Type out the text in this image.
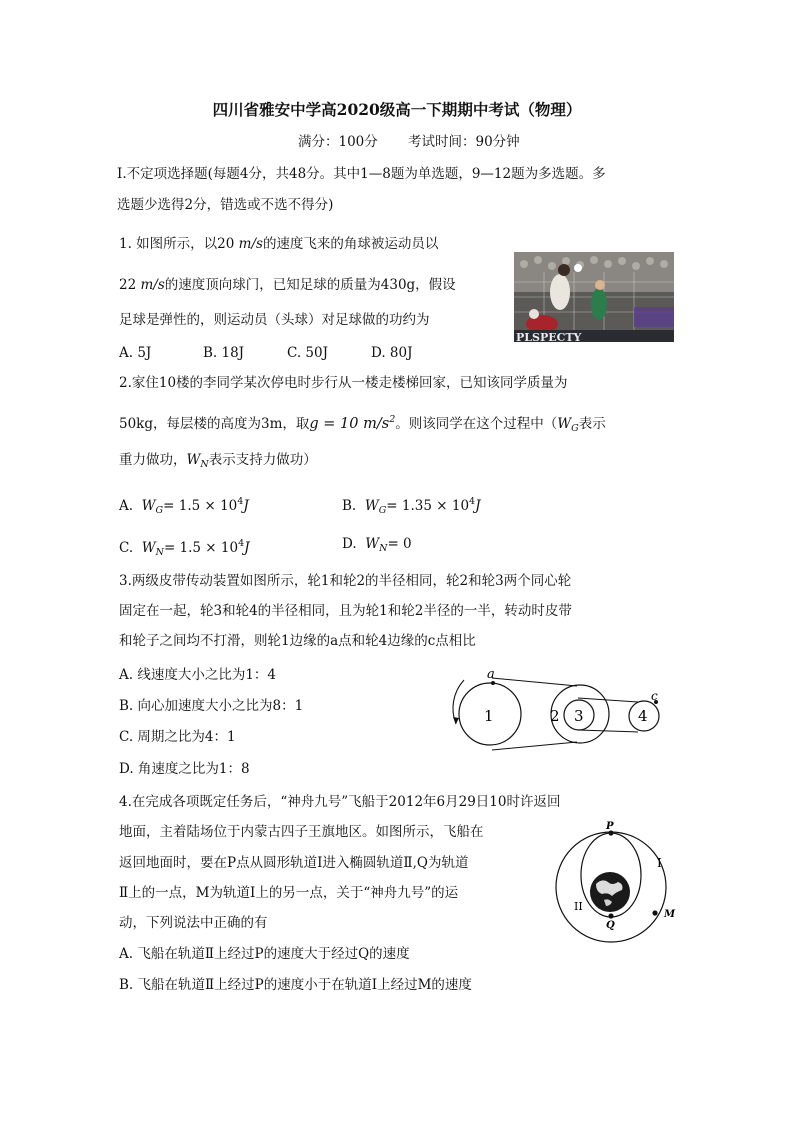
四川省雅安中学高2020级高一下期期中考试（物理）
满分：100分 考试时间：90分钟
Ⅰ.不定项选择题(每题4分，共48分。其中1—8题为单选题，9—12题为多选题。多
选题少选得2分，错选或不选不得分)
1. 如图所示，以20 m/s的速度飞来的角球被运动员以
22 m/s的速度顶向球门，已知足球的质量为430g，假设
足球是弹性的，则运动员（头球）对足球做的功约为
A. 5J	B. 18J	C. 50J	D. 80J
PLSPECTY
2.家住10楼的李同学某次停电时步行从一楼走楼梯回家，已知该同学质量为
50kg，每层楼的高度为3m，取g = 10 $m/s^2$。则该同学在这个过程中（$W_G$表示
重力做功，$W_N$表示支持力做功）
A. $W_G= 1.5 \times 10^4J$	B. $W_G= 1.35 \times 10^4J$
C. $W_N= 1.5 \times 10^4J$	D. $W_N= 0$
3.两级皮带传动装置如图所示，轮1和轮2的半径相同，轮2和轮3两个同心轮
固定在一起，轮3和轮4的半径相同，且为轮1和轮2半径的一半，转动时皮带
和轮子之间均不打滑，则轮1边缘的a点和轮4边缘的c点相比
A. 线速度大小之比为1：4
B. 向心加速度大小之比为8：1
C. 周期之比为4：1
D. 角速度之比为1：8
a
c
1	2 3	4
4.在完成各项既定任务后，“神舟九号”飞船于2012年6月29日10时许返回
地面，主着陆场位于内蒙古四子王旗地区。如图所示，飞船在
返回地面时，要在P点从圆形轨道Ⅰ进入椭圆轨道Ⅱ,Q为轨道
Ⅱ上的一点，M为轨道Ⅰ上的另一点，关于“神舟九号”的运
动，下列说法中正确的有
A. 飞船在轨道Ⅱ上经过P的速度大于经过Q的速度
B. 飞船在轨道Ⅱ上经过P的速度小于在轨道Ⅰ上经过M的速度
P
Q
M
I
II
